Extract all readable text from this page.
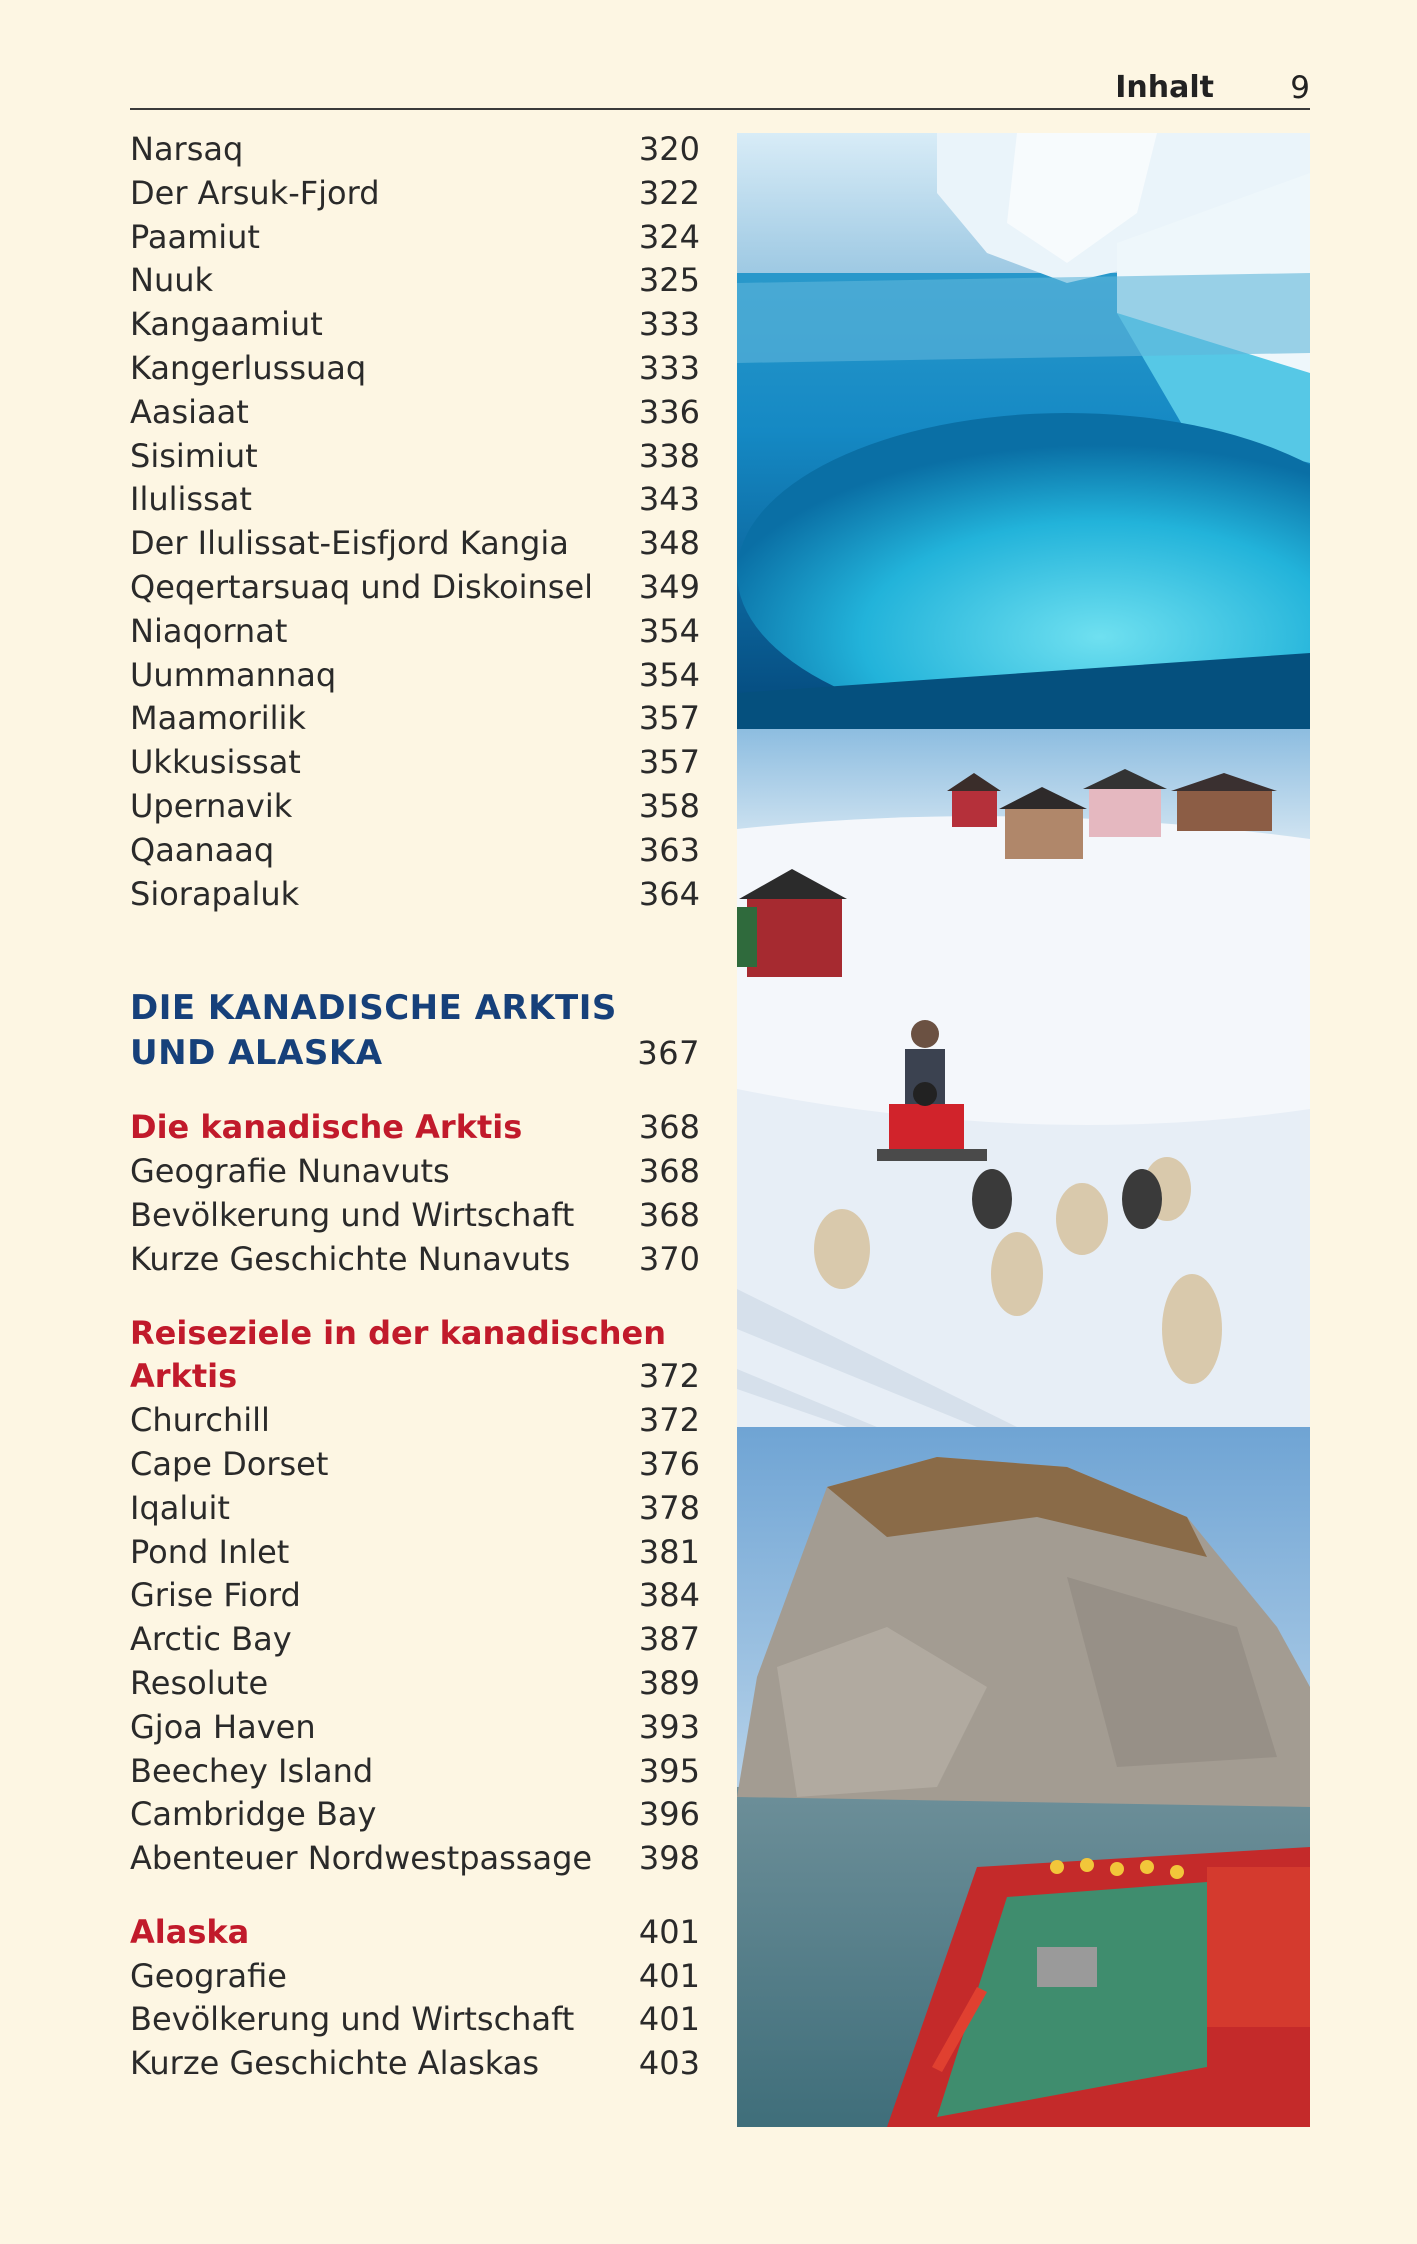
Inhalt 9
Narsaq	320
Der Arsuk-Fjord	322
Paamiut	324
Nuuk	325
Kangaamiut	333
Kangerlussuaq	333
Aasiaat	336
Sisimiut	338
Ilulissat	343
Der Ilulissat-Eisfjord Kangia 348
Qeqertarsuaq und Diskoinsel 349
Niaqornat	354
Uummannaq	354
Maamorilik	357
Ukkusissat	357
Upernavik	358
Qaanaaq	363
Siorapaluk	364
DIE KANADISCHE ARKTIS
UND ALASKA	367
Die kanadische Arktis	368
Geografie Nunavuts	368
Bevölkerung und Wirtschaft 368
Kurze Geschichte Nunavuts 370
Reiseziele in der kanadischen
Arktis	372
Churchill	372
Cape Dorset	376
Iqaluit	378
Pond Inlet	381
Grise Fiord	384
Arctic Bay	387
Resolute	389
Gjoa Haven	393
Beechey Island	395
Cambridge Bay	396
Abenteuer Nordwestpassage 398
Alaska	401
Geografie	401
Bevölkerung und Wirtschaft 401
Kurze Geschichte Alaskas	403
